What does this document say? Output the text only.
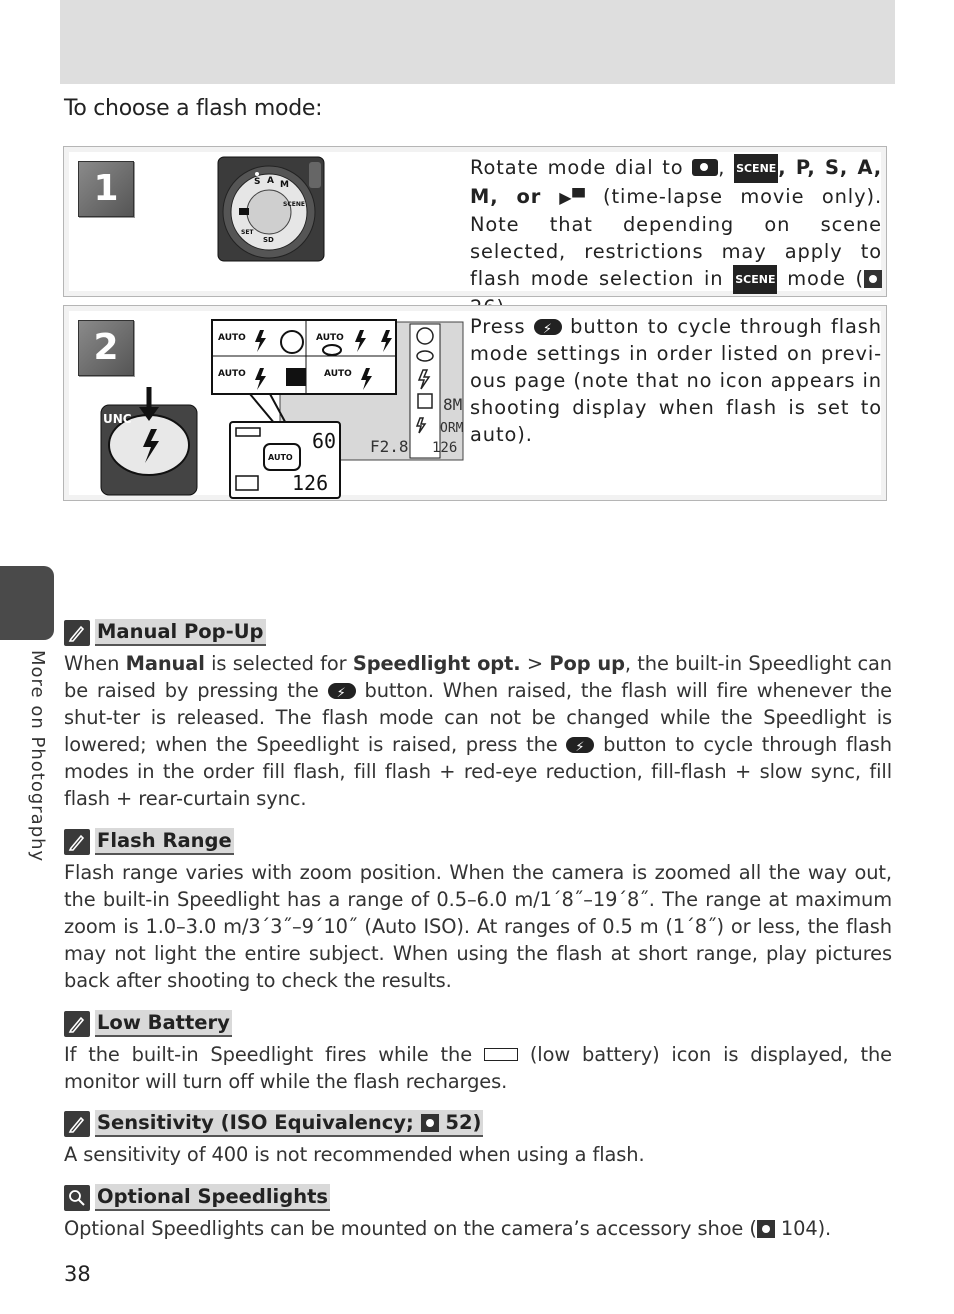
To choose a flash mode:
1	S A M
SCENE
SD
SET
Rotate mode dial to , SCENE , P, S, A, M, or ▶▀ (time-lapse movie only). Note that depending on scene selected, restrictions may apply to flash mode selection in SCENE mode (
2
UNC
8M
ORM
F2.8 126
AUTO	AUTO
AUTO	AUTO
60
126
AUTO
Press ⚡ button to cycle through flash mode settings in order listed on previ-ous page (note that no icon appears in shooting display when flash is set to auto).
More on Photography
Manual Pop-Up
When Manual is selected for Speedlight opt. > Pop up, the built-in Speedlight can be raised by pressing the ⚡ button. When raised, the flash will fire whenever the shut-ter is released. The flash mode can not be changed while the Speedlight is lowered; when the Speedlight is raised, press the ⚡ button to cycle through flash modes in the order fill flash, fill flash + red-eye reduction, fill-flash + slow sync, fill flash + rear-curtain sync.
Flash Range
Flash range varies with zoom position. When the camera is zoomed all the way out, the built-in Speedlight has a range of 0.5–6.0 m/1´8˝–19´8˝. The range at maximum zoom is 1.0–3.0 m/3´3˝–9´10˝ (Auto ISO). At ranges of 0.5 m (1´8˝) or less, the flash may not light the entire subject. When using the flash at short range, play pictures back after shooting to check the results.
Low Battery
If the built-in Speedlight fires while the  (low battery) icon is displayed, the monitor will turn off while the flash recharges.
Sensitivity (ISO Equivalency;  52)
A sensitivity of 400 is not recommended when using a flash.
Optional Speedlights
Optional Speedlights can be mounted on the camera’s accessory shoe ( 104).
38
